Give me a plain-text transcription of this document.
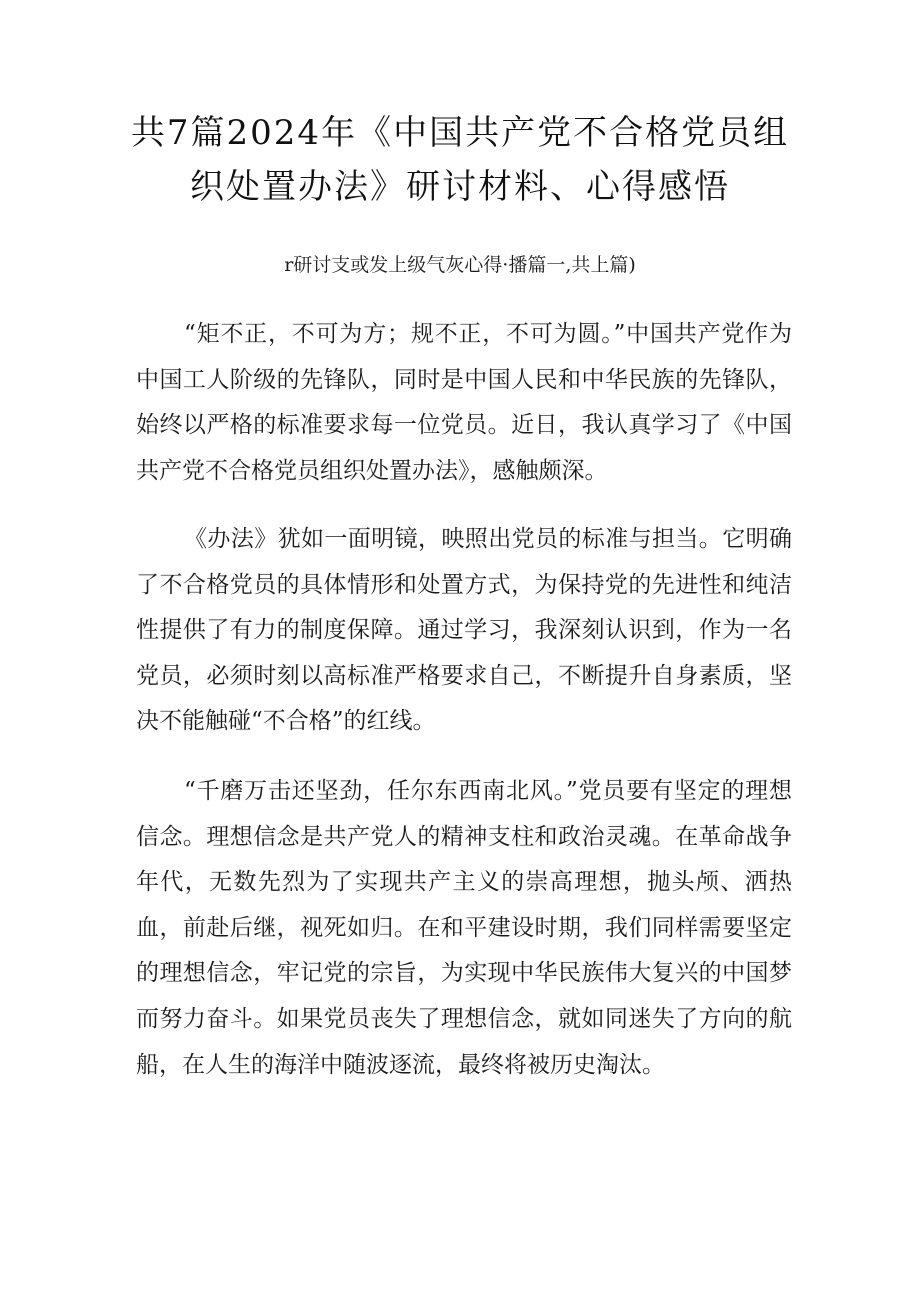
共7篇2024年《中国共产党不合格党员组
织处置办法》研讨材料、心得感悟

r研讨支或发上级气灰心得·播篇一,共上篇)

“矩不正，不可为方；规不正，不可为圆。”中国共产党作为中国工人阶级的先锋队，同时是中国人民和中华民族的先锋队，始终以严格的标准要求每一位党员。近日，我认真学习了《中国共产党不合格党员组织处置办法》，感触颇深。

《办法》犹如一面明镜，映照出党员的标准与担当。它明确了不合格党员的具体情形和处置方式，为保持党的先进性和纯洁性提供了有力的制度保障。通过学习，我深刻认识到，作为一名党员，必须时刻以高标准严格要求自己，不断提升自身素质，坚决不能触碰“不合格”的红线。

“千磨万击还坚劲，任尔东西南北风。”党员要有坚定的理想信念。理想信念是共产党人的精神支柱和政治灵魂。在革命战争年代，无数先烈为了实现共产主义的崇高理想，抛头颅、洒热血，前赴后继，视死如归。在和平建设时期，我们同样需要坚定的理想信念，牢记党的宗旨，为实现中华民族伟大复兴的中国梦而努力奋斗。如果党员丧失了理想信念，就如同迷失了方向的航船，在人生的海洋中随波逐流，最终将被历史淘汰。
